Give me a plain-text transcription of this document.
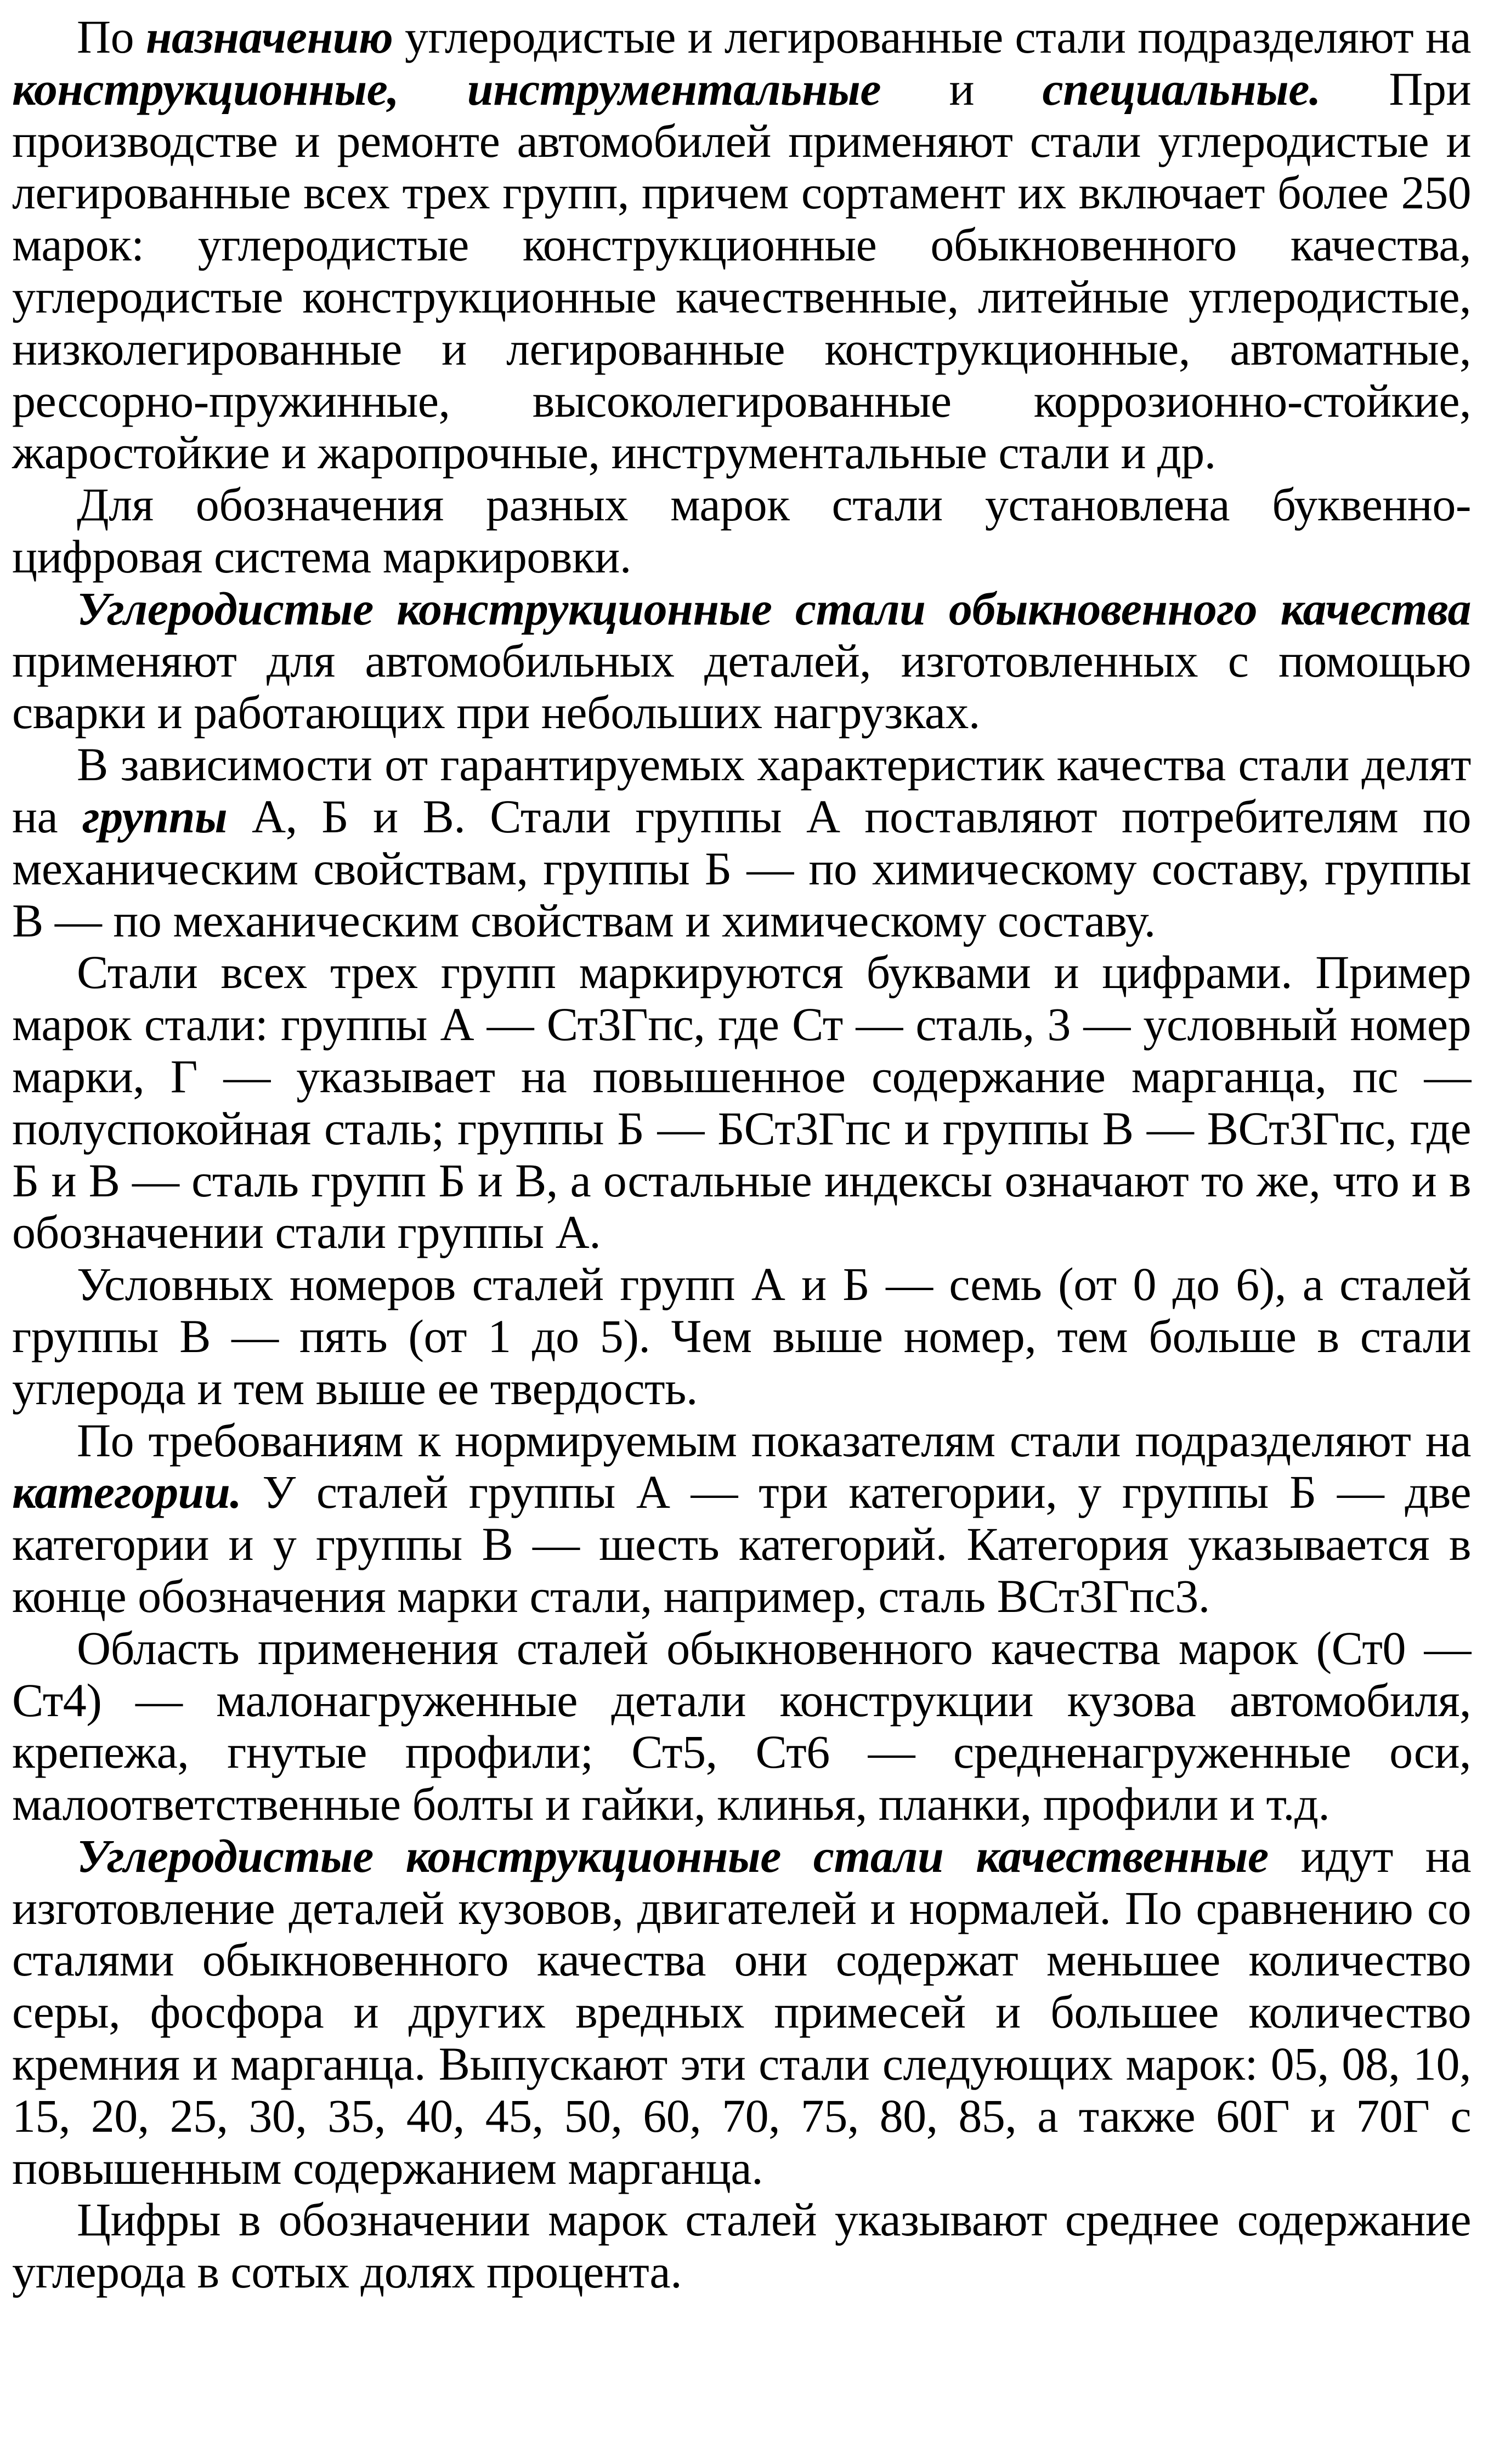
По назначению углеродистые и легированные стали подразделяют на конструкционные, инструментальные и специальные. При производстве и ремонте автомобилей применяют стали углеродистые и легированные всех трех групп, причем сортамент их включает более 250 марок: углеродистые конструкционные обыкновенного качества, углеродистые конструкционные качественные, литейные углеродистые, низколегированные и легированные конструкционные, автоматные, рессорно-пружинные, высоколегированные коррозионно-стойкие, жаростойкие и жаропрочные, инструментальные стали и др.

Для обозначения разных марок стали установлена буквенно-цифровая система маркировки.

Углеродистые конструкционные стали обыкновенного качества применяют для автомобильных деталей, изготовленных с помощью сварки и работающих при небольших нагрузках.

В зависимости от гарантируемых характеристик качества стали делят на группы А, Б и В. Стали группы А поставляют потребителям по механическим свойствам, группы Б — по химическому составу, группы В — по механическим свойствам и химическому составу.

Стали всех трех групп маркируются буквами и цифрами. Пример марок стали: группы А — Ст3Гпс, где Ст — сталь, 3 — условный номер марки, Г — указывает на повышенное содержание марганца, пс — полуспокойная сталь; группы Б — БСт3Гпс и группы В — ВСт3Гпс, где Б и В — сталь групп Б и В, а остальные индексы означают то же, что и в обозначении стали группы А.

Условных номеров сталей групп А и Б — семь (от 0 до 6), а сталей группы В — пять (от 1 до 5). Чем выше номер, тем больше в стали углерода и тем выше ее твердость.

По требованиям к нормируемым показателям стали подразделяют на категории. У сталей группы А — три категории, у группы Б — две категории и у группы В — шесть категорий. Категория указывается в конце обозначения марки стали, например, сталь ВСт3Гпс3.

Область применения сталей обыкновенного качества марок (Ст0 — Ст4) — малонагруженные детали конструкции кузова автомобиля, крепежа, гнутые профили; Ст5, Ст6 — средненагруженные оси, малоответственные болты и гайки, клинья, планки, профили и т.д.

Углеродистые конструкционные стали качественные идут на изготовление деталей кузовов, двигателей и нормалей. По сравнению со сталями обыкновенного качества они содержат меньшее количество серы, фосфора и других вредных примесей и большее количество кремния и марганца. Выпускают эти стали следующих марок: 05, 08, 10, 15, 20, 25, 30, 35, 40, 45, 50, 60, 70, 75, 80, 85, а также 60Г и 70Г с повышенным содержанием марганца.

Цифры в обозначении марок сталей указывают среднее содержание углерода в сотых долях процента.
